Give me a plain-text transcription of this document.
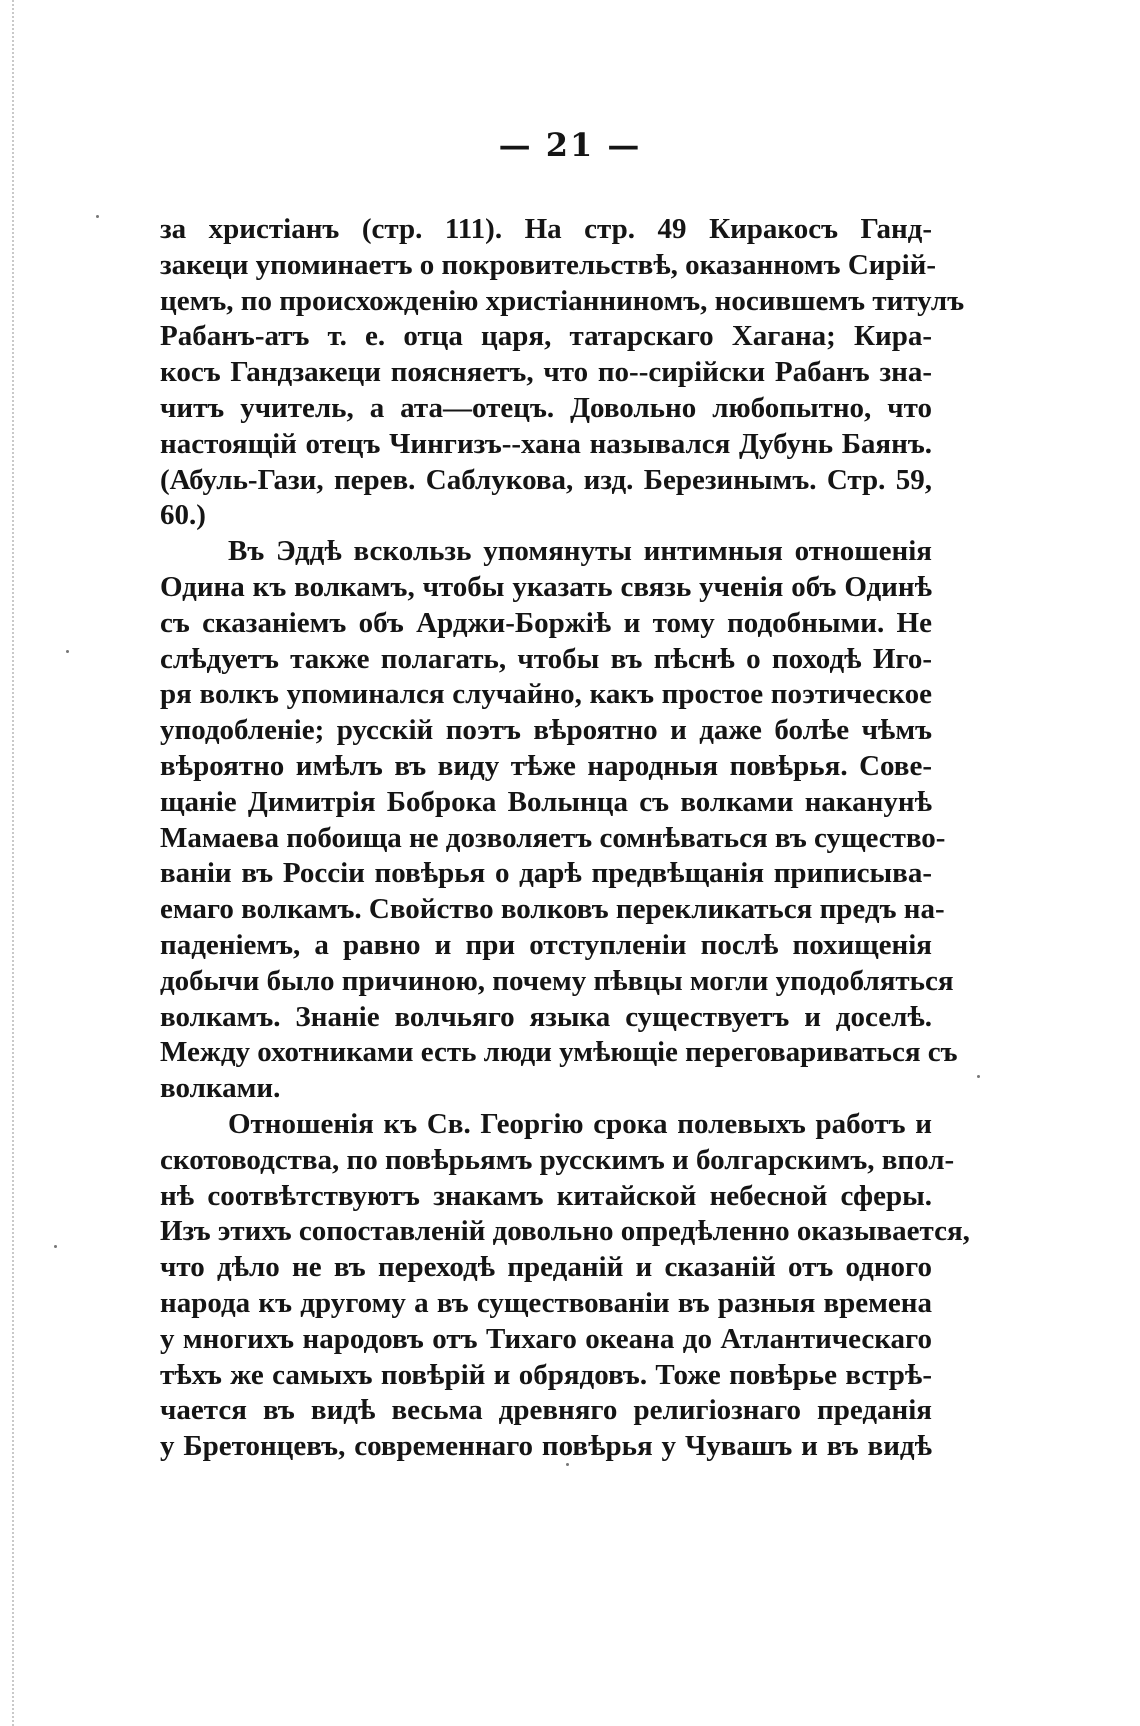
— 21 —
за христіанъ (стр. 111). На стр. 49 Киракосъ Ганд-
закеци упоминаетъ о покровительствѣ, оказанномъ Сирій-
цемъ, по происхожденію христіанниномъ, носившемъ титулъ
Рабанъ-атъ т. е. отца царя, татарскаго Хагана; Кира-
косъ Гандзакеци поясняетъ, что по--сирійски Рабанъ зна-
читъ учитель, а ата—отецъ. Довольно любопытно, что
настоящій отецъ Чингизъ--хана назывался Дубунь Баянъ.
(Абуль-Гази, перев. Саблукова, изд. Березинымъ. Стр. 59,
60.)
Въ Эддѣ вскользь упомянуты интимныя отношенія
Одина къ волкамъ, чтобы указать связь ученія объ Одинѣ
съ сказаніемъ объ Арджи-Боржіѣ и тому подобными. Не
слѣдуетъ также полагать, чтобы въ пѣснѣ о походѣ Иго-
ря волкъ упоминался случайно, какъ простое поэтическое
уподобленіе; русскій поэтъ вѣроятно и даже болѣе чѣмъ
вѣроятно имѣлъ въ виду тѣже народныя повѣрья. Сове-
щаніе Димитрія Боброка Волынца съ волками наканунѣ
Мамаева побоища не дозволяетъ сомнѣваться въ существо-
ваніи въ Россіи повѣрья о дарѣ предвѣщанія приписыва-
емаго волкамъ. Свойство волковъ перекликаться предъ на-
паденіемъ, а равно и при отступленіи послѣ похищенія
добычи было причиною, почему пѣвцы могли уподобляться
волкамъ. Знаніе волчьяго языка существуетъ и доселѣ.
Между охотниками есть люди умѣющіе переговариваться съ
волками.
Отношенія къ Св. Георгію срока полевыхъ работъ и
скотоводства, по повѣрьямъ русскимъ и болгарскимъ, впол-
нѣ соотвѣтствуютъ знакамъ китайской небесной сферы.
Изъ этихъ сопоставленій довольно опредѣленно оказывается,
что дѣло не въ переходѣ преданій и сказаній отъ одного
народа къ другому а въ существованіи въ разныя времена
у многихъ народовъ отъ Тихаго океана до Атлантическаго
тѣхъ же самыхъ повѣрій и обрядовъ. Тоже повѣрье встрѣ-
чается въ видѣ весьма древняго религіознаго преданія
у Бретонцевъ, современнаго повѣрья у Чувашъ и въ видѣ
